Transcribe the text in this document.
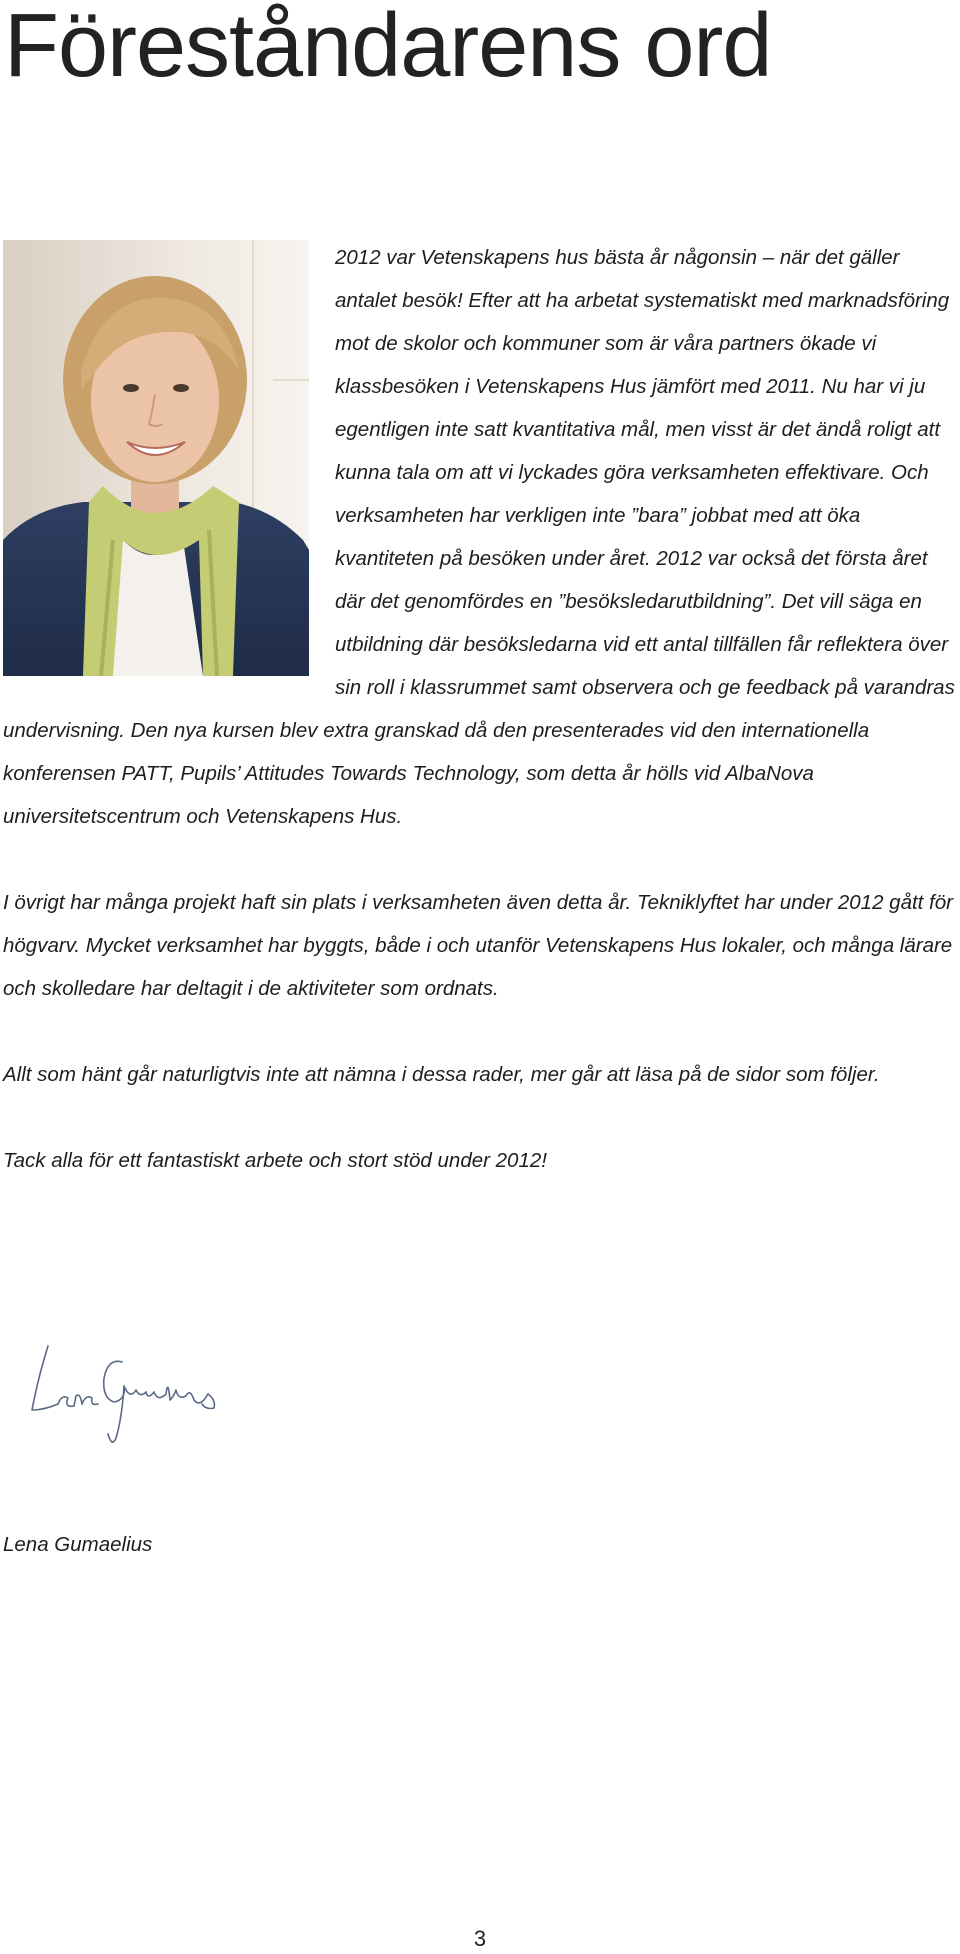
Föreståndarens ord

2012 var Vetenskapens hus bästa år någonsin – när det gäller antalet besök! Efter att ha arbetat systematiskt med marknadsföring mot de skolor och kommuner som är våra partners ökade vi klassbesöken i Vetenskapens Hus jämfört med 2011. Nu har vi ju egentligen inte satt kvantitativa mål, men visst är det ändå roligt att kunna tala om att vi lyckades göra verksamheten effektivare. Och verksamheten har verkligen inte ”bara” jobbat med att öka kvantiteten på besöken under året. 2012 var också det första året där det genomfördes en ”besöksledarutbildning”. Det vill säga en utbildning där besöksledarna vid ett antal tillfällen får reflektera över sin roll i klassrummet samt observera och ge feedback på varandras undervisning. Den nya kursen blev extra granskad då den presenterades vid den internationella konferensen PATT, Pupils’ Attitudes Towards Technology, som detta år hölls vid AlbaNova universitetscentrum och Vetenskapens Hus.

I övrigt har många projekt haft sin plats i verksamheten även detta år. Tekniklyftet har under 2012 gått för högvarv. Mycket verksamhet har byggts, både i och utanför Vetenskapens Hus lokaler, och många lärare och skolledare har deltagit i de aktiviteter som ordnats.

Allt som hänt går naturligtvis inte att nämna i dessa rader, mer går att läsa på de sidor som följer.

Tack alla för ett fantastiskt arbete och stort stöd under 2012!

Lena Gumaelius
3
